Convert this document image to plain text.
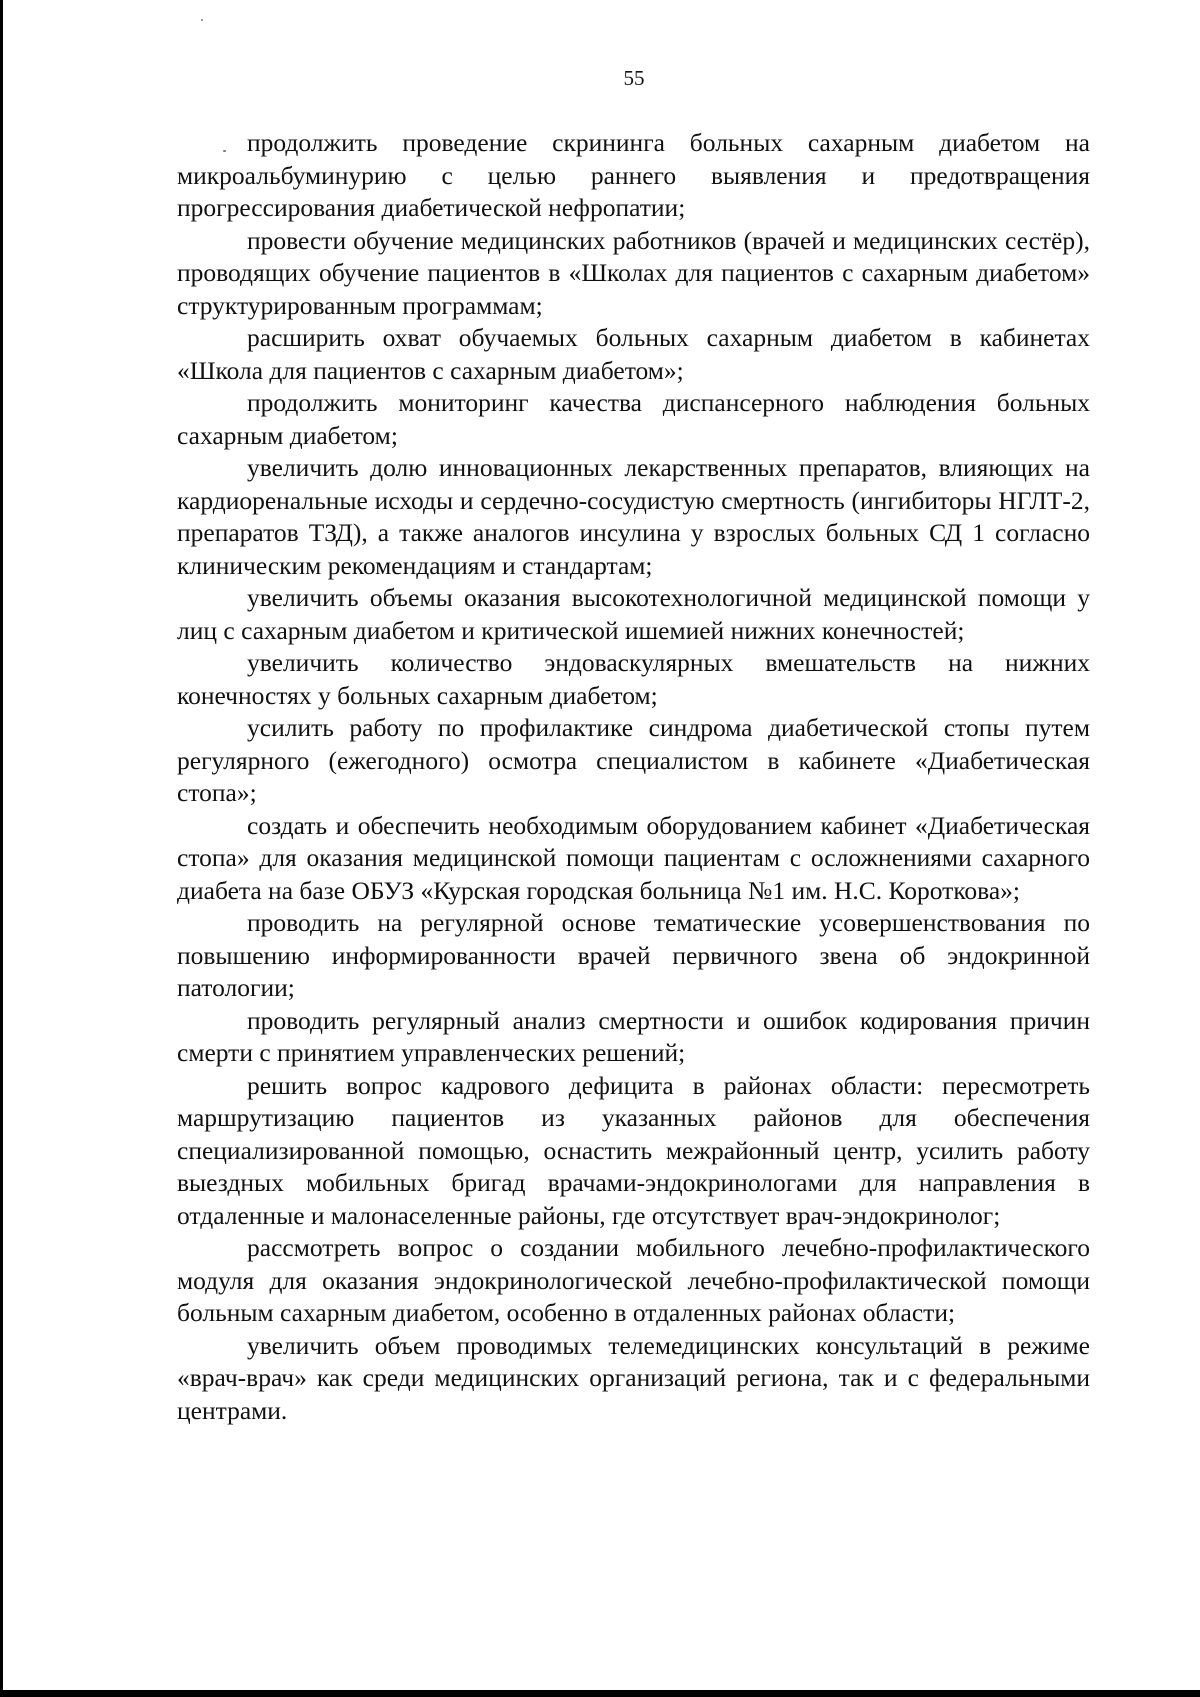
55

продолжить проведение скрининга больных сахарным диабетом на микроальбуминурию с целью раннего выявления и предотвращения прогрессирования диабетической нефропатии;

провести обучение медицинских работников (врачей и медицинских сестёр), проводящих обучение пациентов в «Школах для пациентов с сахарным диабетом» структурированным программам;

расширить охват обучаемых больных сахарным диабетом в кабинетах «Школа для пациентов с сахарным диабетом»;

продолжить мониторинг качества диспансерного наблюдения больных сахарным диабетом;

увеличить долю инновационных лекарственных препаратов, влияющих на кардиоренальные исходы и сердечно-сосудистую смертность (ингибиторы НГЛТ-2, препаратов ТЗД), а также аналогов инсулина у взрослых больных СД 1 согласно клиническим рекомендациям и стандартам;

увеличить объемы оказания высокотехнологичной медицинской помощи у лиц с сахарным диабетом и критической ишемией нижних конечностей;

увеличить количество эндоваскулярных вмешательств на нижних конечностях у больных сахарным диабетом;

усилить работу по профилактике синдрома диабетической стопы путем регулярного (ежегодного) осмотра специалистом в кабинете «Диабетическая стопа»;

создать и обеспечить необходимым оборудованием кабинет «Диабетическая стопа» для оказания медицинской помощи пациентам с осложнениями сахарного диабета на базе ОБУЗ «Курская городская больница №1 им. Н.С. Короткова»;

проводить на регулярной основе тематические усовершенствования по повышению информированности врачей первичного звена об эндокринной патологии;

проводить регулярный анализ смертности и ошибок кодирования причин смерти с принятием управленческих решений;

решить вопрос кадрового дефицита в районах области: пересмотреть маршрутизацию пациентов из указанных районов для обеспечения специализированной помощью, оснастить межрайонный центр, усилить работу выездных мобильных бригад врачами-эндокринологами для направления в отдаленные и малонаселенные районы, где отсутствует врач-эндокринолог;

рассмотреть вопрос о создании мобильного лечебно-профилактического модуля для оказания эндокринологической лечебно-профилактической помощи больным сахарным диабетом, особенно в отдаленных районах области;

увеличить объем проводимых телемедицинских консультаций в режиме «врач-врач» как среди медицинских организаций региона, так и с федеральными центрами.
